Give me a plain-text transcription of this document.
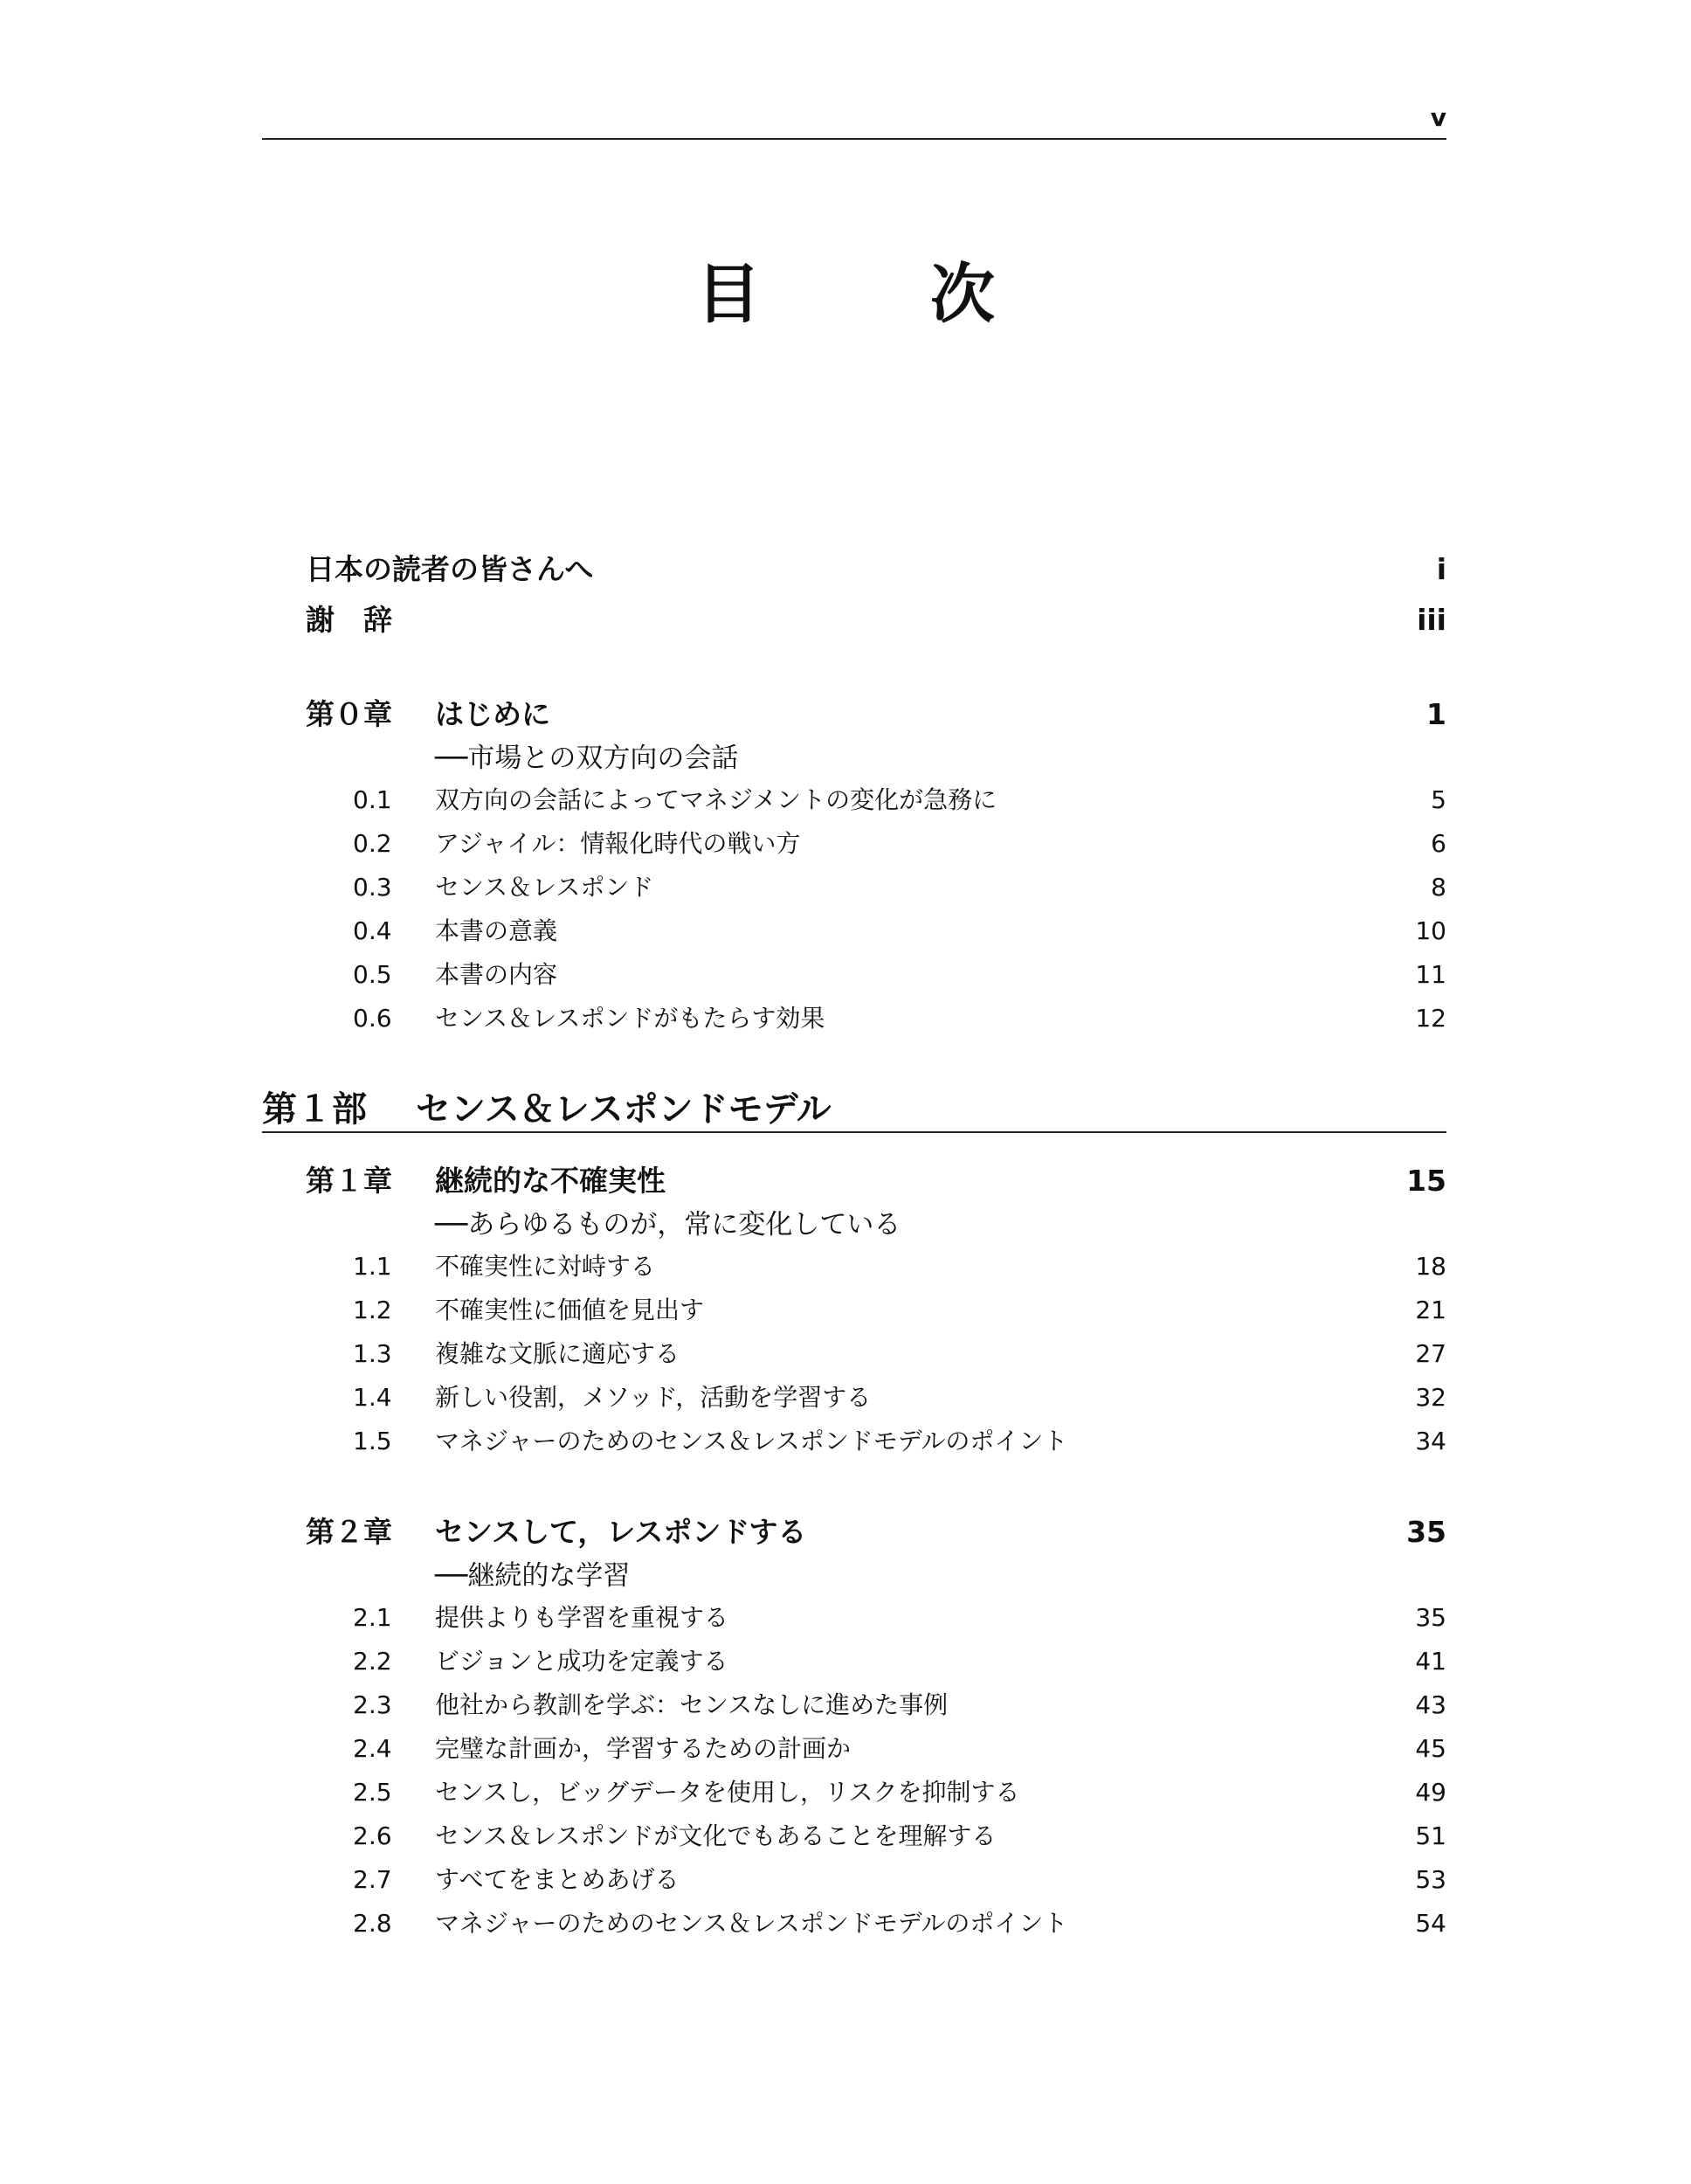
v
目　次
日本の読者の皆さんへ	i
謝　辞	iii
第０章	はじめに	1
──市場との双方向の会話
0.1	双方向の会話によってマネジメントの変化が急務に	5
0.2	アジャイル：情報化時代の戦い方	6
0.3	センス＆レスポンド	8
0.4	本書の意義	10
0.5	本書の内容	11
0.6	センス＆レスポンドがもたらす効果	12
第１部 センス＆レスポンドモデル
第１章	継続的な不確実性	15
──あらゆるものが，常に変化している
1.1	不確実性に対峙する	18
1.2	不確実性に価値を見出す	21
1.3	複雑な文脈に適応する	27
1.4	新しい役割，メソッド，活動を学習する	32
1.5	マネジャーのためのセンス＆レスポンドモデルのポイント	34
第２章	センスして，レスポンドする	35
──継続的な学習
2.1	提供よりも学習を重視する	35
2.2	ビジョンと成功を定義する	41
2.3	他社から教訓を学ぶ：センスなしに進めた事例	43
2.4	完璧な計画か，学習するための計画か	45
2.5	センスし，ビッグデータを使用し，リスクを抑制する	49
2.6	センス＆レスポンドが文化でもあることを理解する	51
2.7	すべてをまとめあげる	53
2.8	マネジャーのためのセンス＆レスポンドモデルのポイント	54
